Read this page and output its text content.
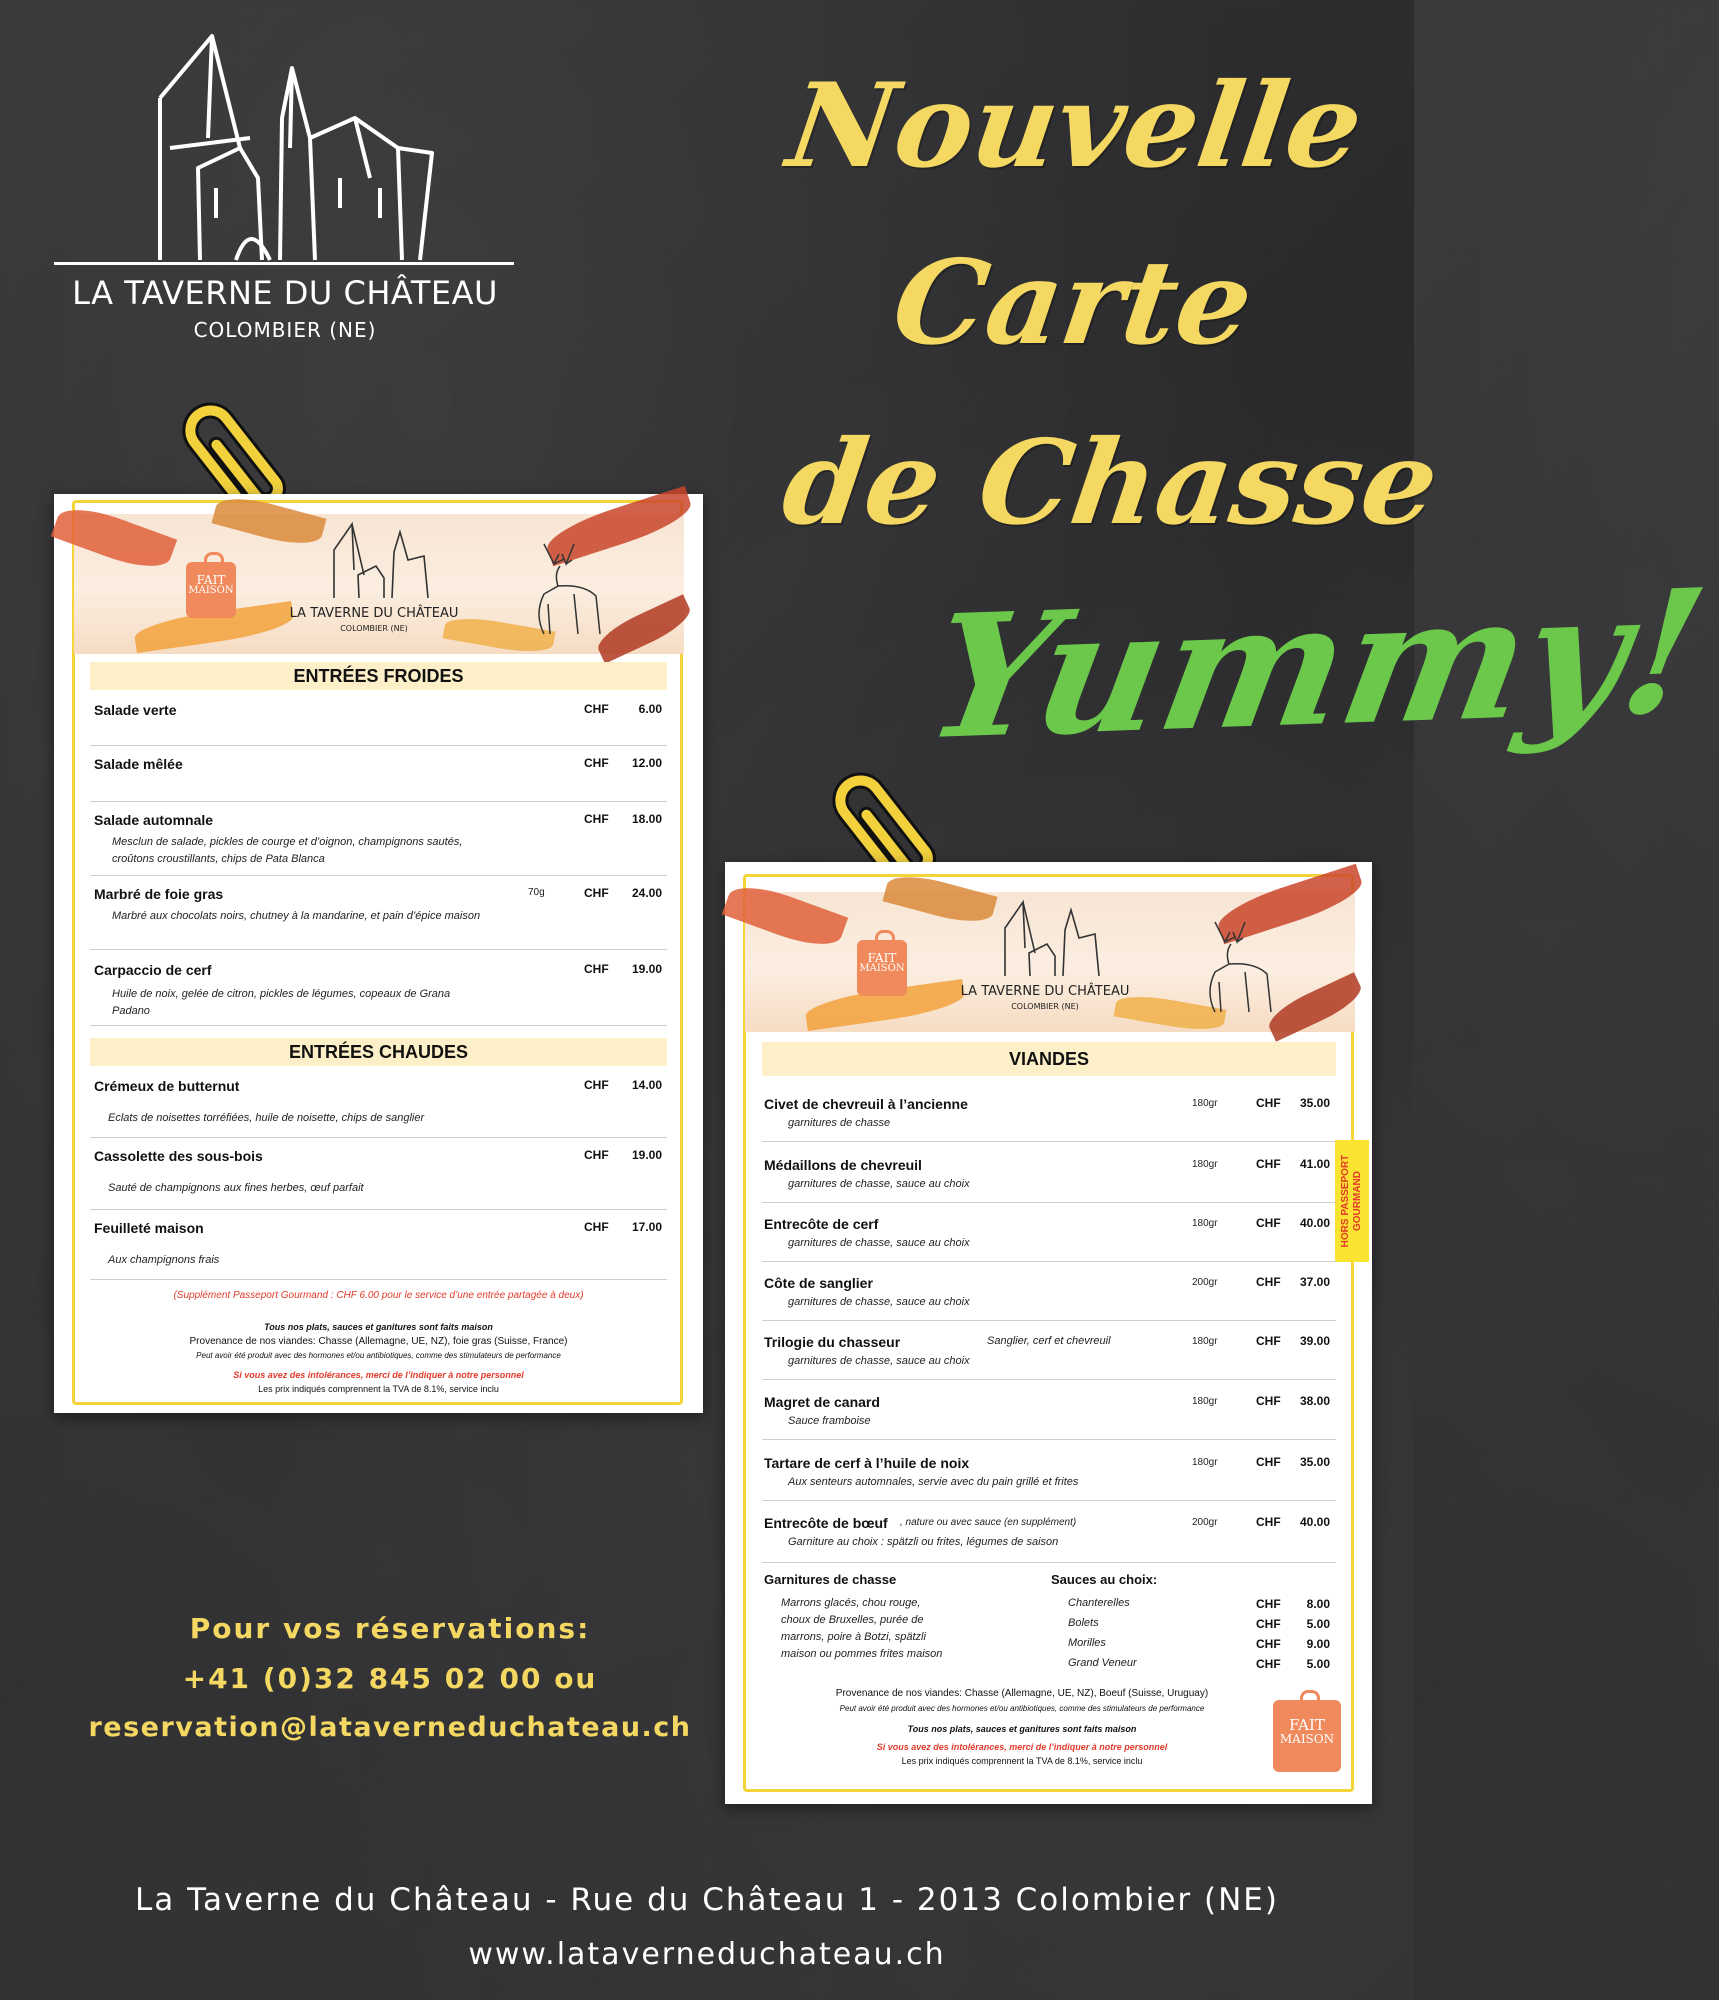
LA TAVERNE DU CHÂTEAU
COLOMBIER (NE)
Nouvelle
Carte
de Chasse
Yummy!
FAIT
MAISON
LA TAVERNE DU CHÂTEAU
COLOMBIER (NE)
ENTRÉES FROIDES
Salade verte	CHF	6.00
Salade mêlée	CHF	12.00
Salade automnale	CHF	18.00
Mesclun de salade, pickles de courge et d’oignon, champignons sautés, croûtons croustillants, chips de Pata Blanca
Marbré de foie gras	70g	CHF	24.00
Marbré aux chocolats noirs, chutney à la mandarine, et pain d’épice maison
Carpaccio de cerf	CHF	19.00
Huile de noix, gelée de citron, pickles de légumes, copeaux de Grana Padano
ENTRÉES CHAUDES
Crémeux de butternut	CHF	14.00
Eclats de noisettes torréfiées, huile de noisette, chips de sanglier
Cassolette des sous-bois	CHF	19.00
Sauté de champignons aux fines herbes, œuf parfait
Feuilleté maison	CHF	17.00
Aux champignons frais
(Supplément Passeport Gourmand : CHF 6.00 pour le service d’une entrée partagée à deux)
Tous nos plats, sauces et ganitures sont faits maison
Provenance de nos viandes: Chasse (Allemagne, UE, NZ), foie gras (Suisse, France)
Peut avoir été produit avec des hormones et/ou antibiotiques, comme des stimulateurs de performance
Si vous avez des intolérances, merci de l’indiquer à notre personnel
Les prix indiqués comprennent la TVA de 8.1%, service inclu
FAIT
MAISON
LA TAVERNE DU CHÂTEAU
COLOMBIER (NE)
VIANDES
HORS PASSEPORT GOURMAND
Civet de chevreuil à l’ancienne	180gr	CHF	35.00
garnitures de chasse
Médaillons de chevreuil	180gr	CHF	41.00
garnitures de chasse, sauce au choix
Entrecôte de cerf	180gr	CHF	40.00
garnitures de chasse, sauce au choix
Côte de sanglier	200gr	CHF	37.00
garnitures de chasse, sauce au choix
Trilogie du chasseur	Sanglier, cerf et chevreuil	180gr	CHF	39.00
garnitures de chasse, sauce au choix
Magret de canard	180gr	CHF	38.00
Sauce framboise
Tartare de cerf à l’huile de noix	180gr	CHF	35.00
Aux senteurs automnales, servie avec du pain grillé et frites
Entrecôte de bœuf , nature ou avec sauce (en supplément)	200gr	CHF	40.00
Garniture au choix : spätzli ou frites, légumes de saison
Garnitures de chasse
Marrons glacés, chou rouge,
choux de Bruxelles, purée de
marrons, poire à Botzi, spätzli
maison ou pommes frites maison
Sauces au choix:
Provenance de nos viandes: Chasse (Allemagne, UE, NZ), Boeuf (Suisse, Uruguay)
Peut avoir été produit avec des hormones et/ou antibiotiques, comme des stimulateurs de performance
Tous nos plats, sauces et ganitures sont faits maison
Si vous avez des intolérances, merci de l’indiquer à notre personnel
Les prix indiqués comprennent la TVA de 8.1%, service inclu
FAIT
MAISON
Chanterelles	CHF	8.00
Bolets	CHF	5.00
Morilles	CHF	9.00
Grand Veneur	CHF	5.00
Pour vos réservations:
+41 (0)32 845 02 00 ou
reservation@lataverneduchateau.ch
La Taverne du Château - Rue du Château 1 - 2013 Colombier (NE)
www.lataverneduchateau.ch
